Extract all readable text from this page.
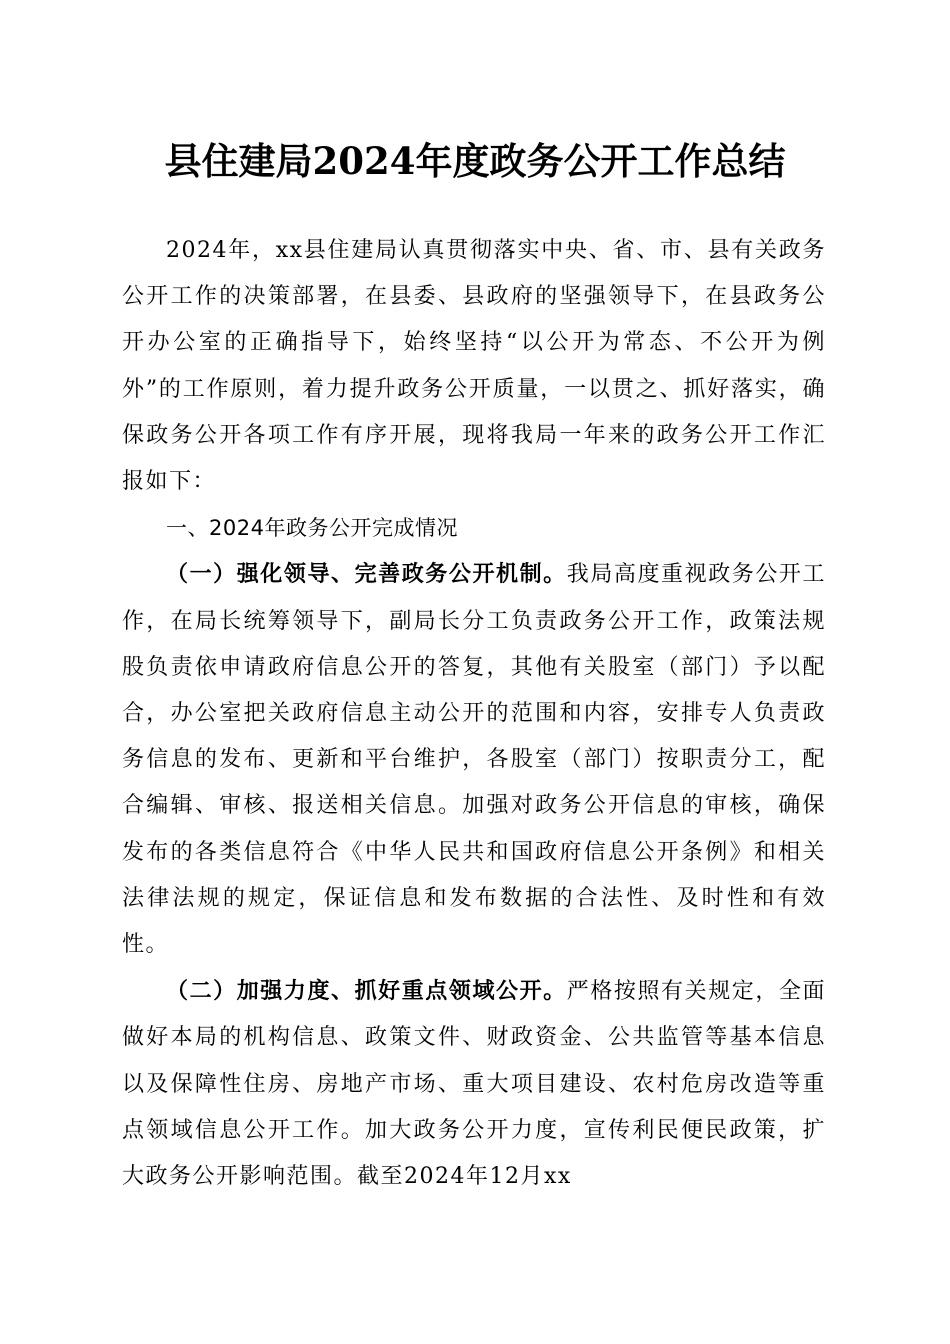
县住建局2024年度政务公开工作总结

2024年，xx县住建局认真贯彻落实中央、省、市、县有关政务公开工作的决策部署，在县委、县政府的坚强领导下，在县政务公开办公室的正确指导下，始终坚持“以公开为常态、不公开为例外”的工作原则，着力提升政务公开质量，一以贯之、抓好落实，确保政务公开各项工作有序开展，现将我局一年来的政务公开工作汇报如下：

一、2024年政务公开完成情况

（一）强化领导、完善政务公开机制。我局高度重视政务公开工作，在局长统筹领导下，副局长分工负责政务公开工作，政策法规股负责依申请政府信息公开的答复，其他有关股室（部门）予以配合，办公室把关政府信息主动公开的范围和内容，安排专人负责政务信息的发布、更新和平台维护，各股室（部门）按职责分工，配合编辑、审核、报送相关信息。加强对政务公开信息的审核，确保发布的各类信息符合《中华人民共和国政府信息公开条例》和相关法律法规的规定，保证信息和发布数据的合法性、及时性和有效性。

（二）加强力度、抓好重点领域公开。严格按照有关规定，全面做好本局的机构信息、政策文件、财政资金、公共监管等基本信息以及保障性住房、房地产市场、重大项目建设、农村危房改造等重点领域信息公开工作。加大政务公开力度，宣传利民便民政策，扩大政务公开影响范围。截至2024年12月xx
